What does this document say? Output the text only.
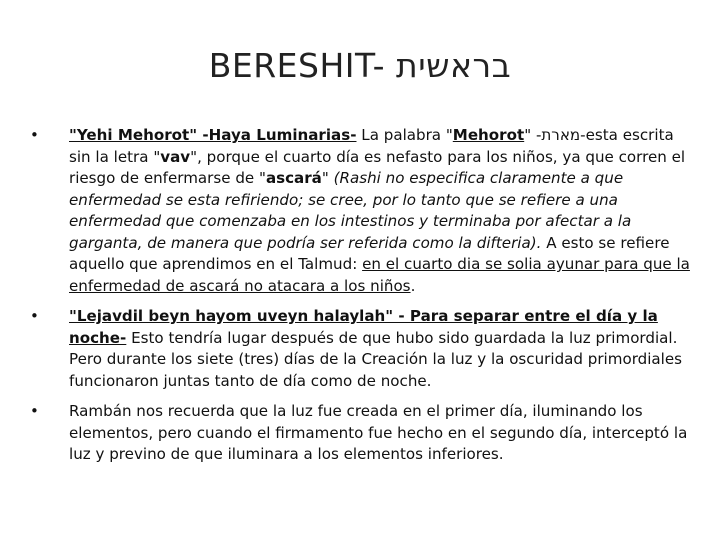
BERESHIT- בראשית
• "Yehi Mehorot" -Haya Luminarias- La palabra "Mehorot" -מארת-esta escrita sin la letra "vav", porque el cuarto día es nefasto para los niños, ya que corren el riesgo de enfermarse de "ascará" (Rashi no especifica claramente a que enfermedad se esta refiriendo; se cree, por lo tanto que se refiere a una enfermedad que comenzaba en los intestinos y terminaba por afectar a la garganta, de manera que podría ser referida como la difteria). A esto se refiere aquello que aprendimos en el Talmud: en el cuarto dia se solia ayunar para que la enfermedad de ascará no atacara a los niños.
• "Lejavdil beyn hayom uveyn halaylah" - Para separar entre el día y la noche- Esto tendría lugar después de que hubo sido guardada la luz primordial. Pero durante los siete (tres) días de la Creación la luz y la oscuridad primordiales funcionaron juntas tanto de día como de noche.
• Rambán nos recuerda que la luz fue creada en el primer día, iluminando los elementos, pero cuando el firmamento fue hecho en el segundo día, interceptó la luz y previno de que iluminara a los elementos inferiores.
